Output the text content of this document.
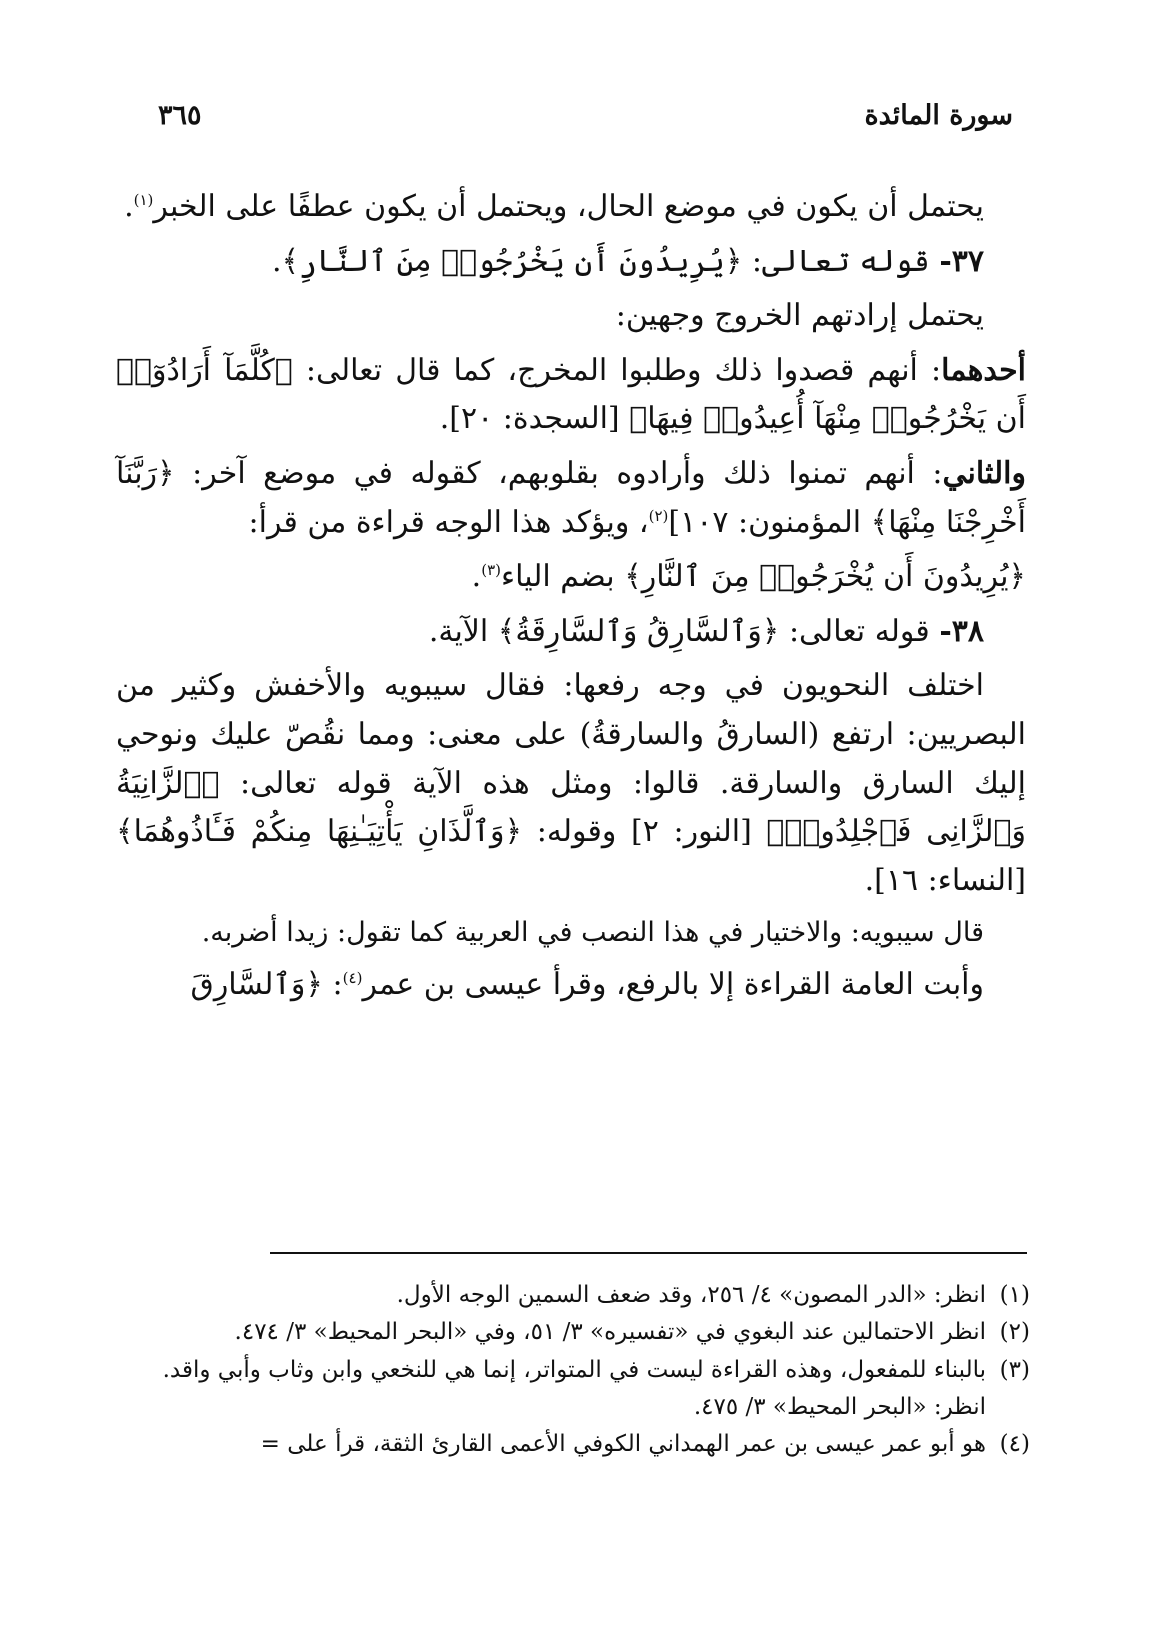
سورة المائدة
٣٦٥

يحتمل أن يكون في موضع الحال، ويحتمل أن يكون عطفًا على الخبر$^{(١)}$.

٣٧- قوله تعالى: ﴿يُرِيدُونَ أَن يَخْرُجُوا۟ مِنَ ٱلنَّارِ﴾.

يحتمل إرادتهم الخروج وجهين:

أحدهما: أنهم قصدوا ذلك وطلبوا المخرج، كما قال تعالى: ﴿كُلَّمَآ أَرَادُوٓا۟ أَن يَخْرُجُوا۟ مِنْهَآ أُعِيدُوا۟ فِيهَا﴾ [السجدة: ٢٠].

والثاني: أنهم تمنوا ذلك وأرادوه بقلوبهم، كقوله في موضع آخر: ﴿رَبَّنَآ أَخْرِجْنَا مِنْهَا﴾ المؤمنون: ١٠٧]$^{(٢)}$، ويؤكد هذا الوجه قراءة من قرأ:

﴿يُرِيدُونَ أَن يُخْرَجُوا۟ مِنَ ٱلنَّارِ﴾ بضم الياء$^{(٣)}$.

٣٨- قوله تعالى: ﴿وَٱلسَّارِقُ وَٱلسَّارِقَةُ﴾ الآية.

اختلف النحويون في وجه رفعها: فقال سيبويه والأخفش وكثير من البصريين: ارتفع (السارقُ والسارقةُ) على معنى: ومما نقُصّ عليك ونوحي إليك السارق والسارقة. قالوا: ومثل هذه الآية قوله تعالى: ﴿ٱلزَّانِيَةُ وَٱلزَّانِى فَٱجْلِدُوا۟﴾ [النور: ٢] وقوله: ﴿وَٱلَّذَانِ يَأْتِيَـٰنِهَا مِنكُمْ فَـَٔاذُوهُمَا﴾ [النساء: ١٦].

قال سيبويه: والاختيار في هذا النصب في العربية كما تقول: زيدا أضربه.

وأبت العامة القراءة إلا بالرفع، وقرأ عيسى بن عمر$^{(٤)}$: ﴿وَٱلسَّارِقَ

(١)
انظر: «الدر المصون» ٤/ ٢٥٦، وقد ضعف السمين الوجه الأول.
(٢)
انظر الاحتمالين عند البغوي في «تفسيره» ٣/ ٥١، وفي «البحر المحيط» ٣/ ٤٧٤.
(٣)
بالبناء للمفعول، وهذه القراءة ليست في المتواتر، إنما هي للنخعي وابن وثاب وأبي واقد.
انظر: «البحر المحيط» ٣/ ٤٧٥.
(٤)
هو أبو عمر عيسى بن عمر الهمداني الكوفي الأعمى القارئ الثقة، قرأ على =
